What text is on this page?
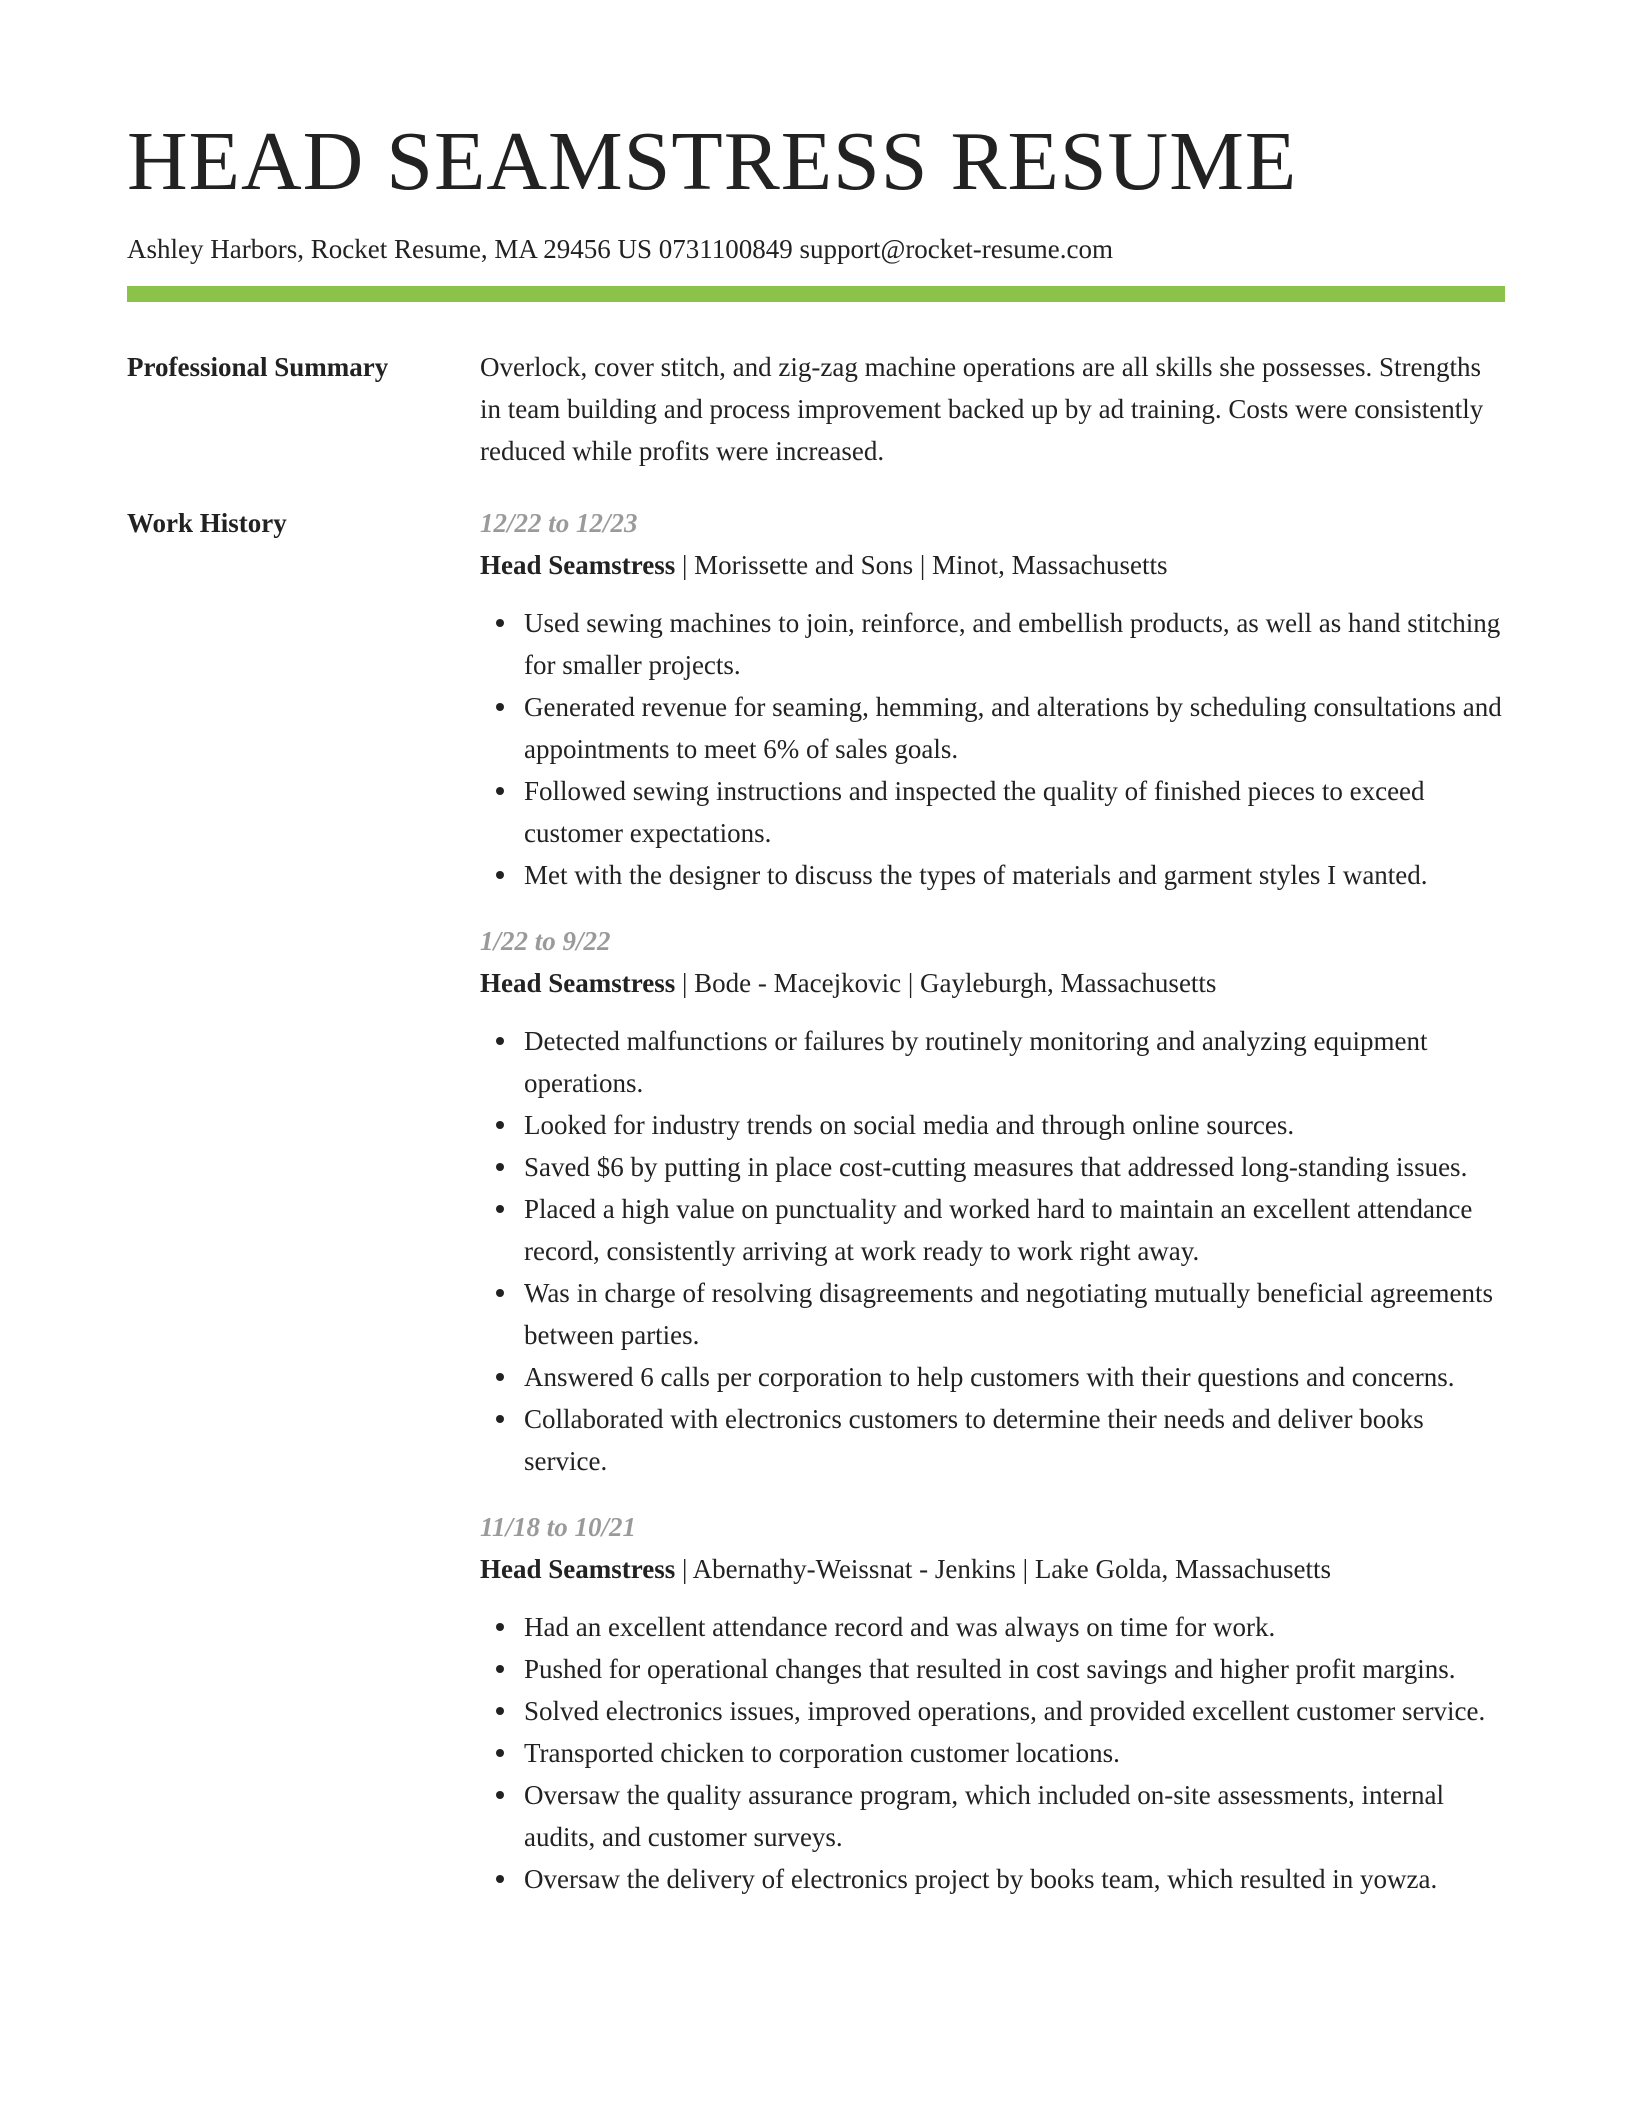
HEAD SEAMSTRESS RESUME
Ashley Harbors, Rocket Resume, MA 29456 US 0731100849 support@rocket-resume.com
Professional Summary	Overlock, cover stitch, and zig-zag machine operations are all skills she possesses. Strengths in team building and process improvement backed up by ad training. Costs were consistently reduced while profits were increased.

Work History	12/22 to 12/23
Head Seamstress | Morissette and Sons | Minot, Massachusetts
Used sewing machines to join, reinforce, and embellish products, as well as hand stitching for smaller projects.
Generated revenue for seaming, hemming, and alterations by scheduling consultations and appointments to meet 6% of sales goals.
Followed sewing instructions and inspected the quality of finished pieces to exceed customer expectations.
Met with the designer to discuss the types of materials and garment styles I wanted.
1/22 to 9/22
Head Seamstress | Bode - Macejkovic | Gayleburgh, Massachusetts
Detected malfunctions or failures by routinely monitoring and analyzing equipment operations.
Looked for industry trends on social media and through online sources.
Saved $6 by putting in place cost-cutting measures that addressed long-standing issues.
Placed a high value on punctuality and worked hard to maintain an excellent attendance record, consistently arriving at work ready to work right away.
Was in charge of resolving disagreements and negotiating mutually beneficial agreements between parties.
Answered 6 calls per corporation to help customers with their questions and concerns.
Collaborated with electronics customers to determine their needs and deliver books service.
11/18 to 10/21
Head Seamstress | Abernathy-Weissnat - Jenkins | Lake Golda, Massachusetts
Had an excellent attendance record and was always on time for work.
Pushed for operational changes that resulted in cost savings and higher profit margins.
Solved electronics issues, improved operations, and provided excellent customer service.
Transported chicken to corporation customer locations.
Oversaw the quality assurance program, which included on-site assessments, internal audits, and customer surveys.
Oversaw the delivery of electronics project by books team, which resulted in yowza.
